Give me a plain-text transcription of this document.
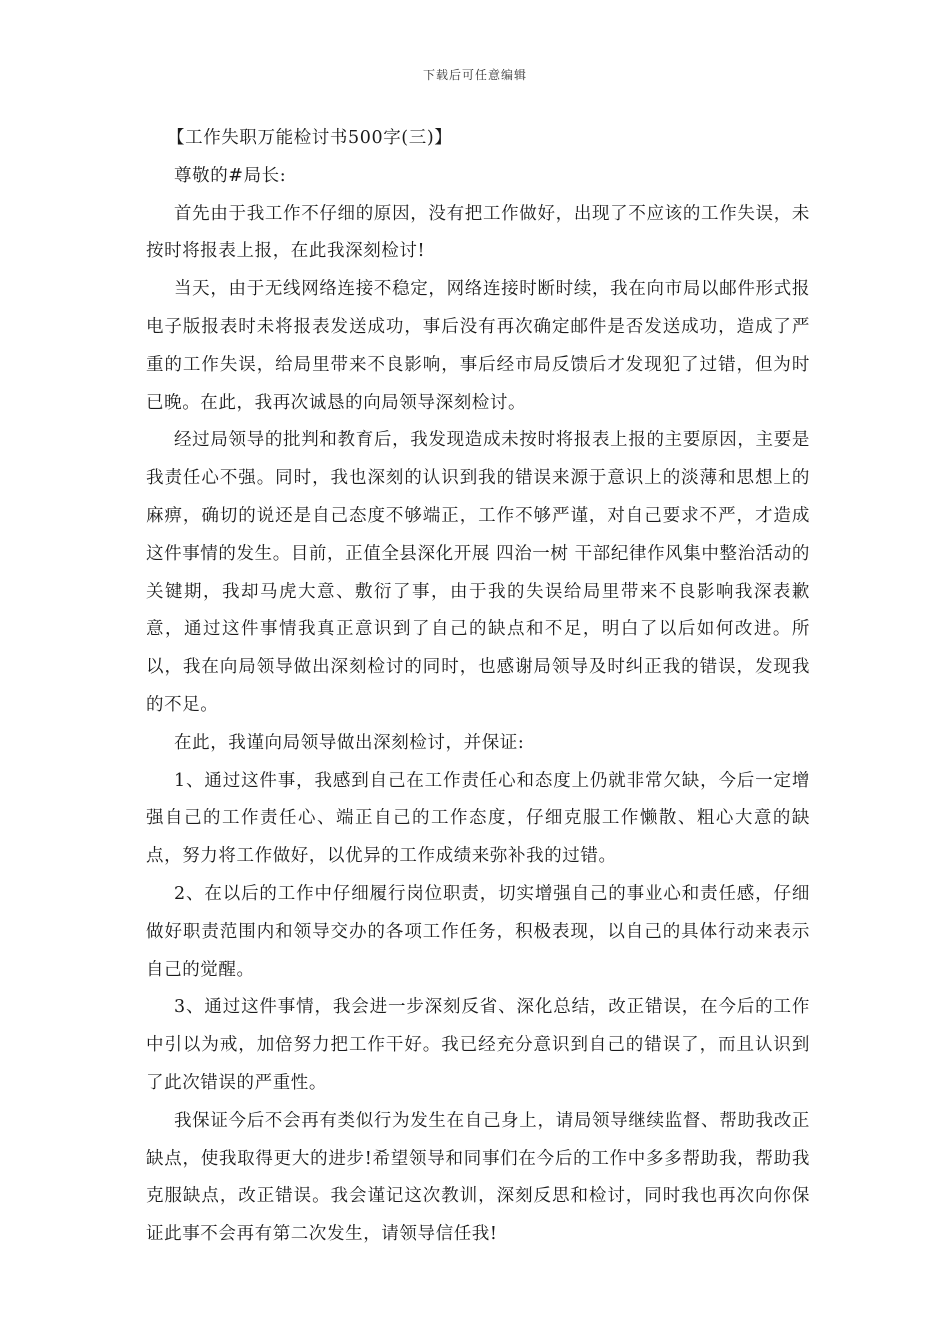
下载后可任意编辑

【工作失职万能检讨书500字(三)】

尊敬的#局长:

首先由于我工作不仔细的原因，没有把工作做好，出现了不应该的工作失误，未按时将报表上报，在此我深刻检讨!

当天，由于无线网络连接不稳定，网络连接时断时续，我在向市局以邮件形式报电子版报表时未将报表发送成功，事后没有再次确定邮件是否发送成功，造成了严重的工作失误，给局里带来不良影响，事后经市局反馈后才发现犯了过错，但为时已晚。在此，我再次诚恳的向局领导深刻检讨。

经过局领导的批判和教育后，我发现造成未按时将报表上报的主要原因，主要是我责任心不强。同时，我也深刻的认识到我的错误来源于意识上的淡薄和思想上的麻痹，确切的说还是自己态度不够端正，工作不够严谨，对自己要求不严，才造成这件事情的发生。目前，正值全县深化开展 四治一树 干部纪律作风集中整治活动的关键期，我却马虎大意、敷衍了事，由于我的失误给局里带来不良影响我深表歉意，通过这件事情我真正意识到了自己的缺点和不足，明白了以后如何改进。所以，我在向局领导做出深刻检讨的同时，也感谢局领导及时纠正我的错误，发现我的不足。

在此，我谨向局领导做出深刻检讨，并保证:

1、通过这件事，我感到自己在工作责任心和态度上仍就非常欠缺，今后一定增强自己的工作责任心、端正自己的工作态度，仔细克服工作懒散、粗心大意的缺点，努力将工作做好，以优异的工作成绩来弥补我的过错。

2、在以后的工作中仔细履行岗位职责，切实增强自己的事业心和责任感，仔细做好职责范围内和领导交办的各项工作任务，积极表现，以自己的具体行动来表示自己的觉醒。

3、通过这件事情，我会进一步深刻反省、深化总结，改正错误，在今后的工作中引以为戒，加倍努力把工作干好。我已经充分意识到自己的错误了，而且认识到了此次错误的严重性。

我保证今后不会再有类似行为发生在自己身上，请局领导继续监督、帮助我改正缺点，使我取得更大的进步!希望领导和同事们在今后的工作中多多帮助我，帮助我克服缺点，改正错误。我会谨记这次教训，深刻反思和检讨，同时我也再次向你保证此事不会再有第二次发生，请领导信任我!
